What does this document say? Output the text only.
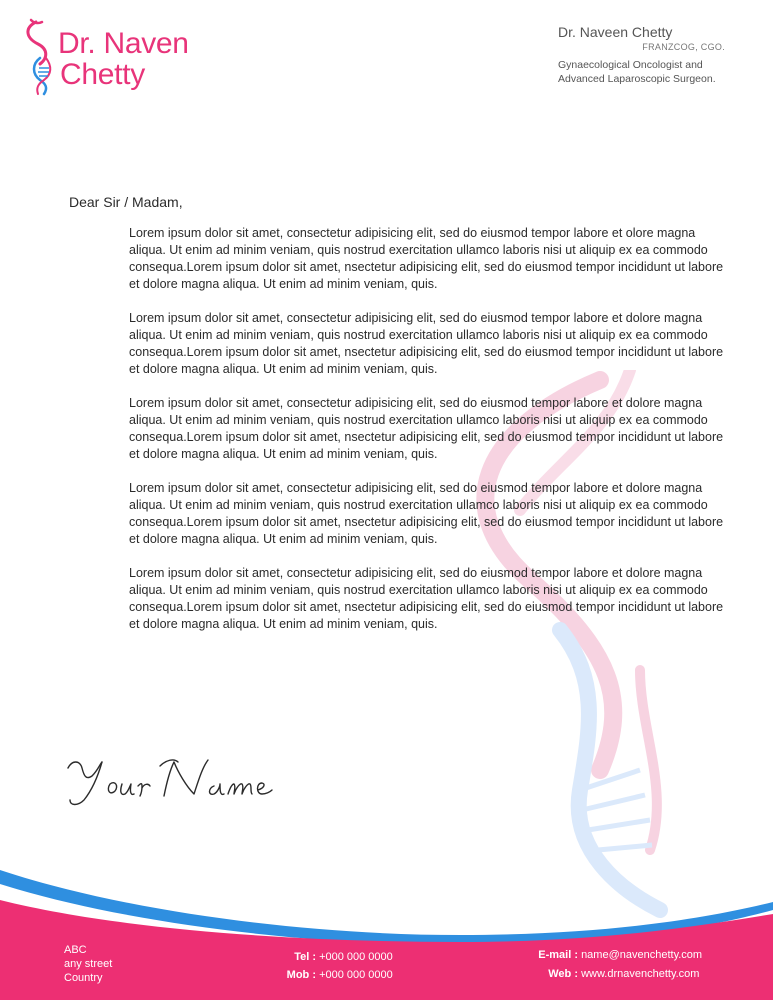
Dr. Naven
Chetty
Dr. Naveen Chetty
FRANZCOG, CGO.
Gynaecological Oncologist and
Advanced Laparoscopic Surgeon.
Dear Sir / Madam,

Lorem ipsum dolor sit amet, consectetur adipisicing elit, sed do eiusmod tempor labore et olore magna aliqua. Ut enim ad minim veniam, quis nostrud exercitation ullamco laboris nisi ut aliquip ex ea commodo consequa.Lorem ipsum dolor sit amet, nsectetur adipisicing elit, sed do eiusmod tempor incididunt ut labore et dolore magna aliqua. Ut enim ad minim veniam, quis.

Lorem ipsum dolor sit amet, consectetur adipisicing elit, sed do eiusmod tempor labore et dolore magna aliqua. Ut enim ad minim veniam, quis nostrud exercitation ullamco laboris nisi ut aliquip ex ea commodo consequa.Lorem ipsum dolor sit amet, nsectetur adipisicing elit, sed do eiusmod tempor incididunt ut labore et dolore magna aliqua. Ut enim ad minim veniam, quis.

Lorem ipsum dolor sit amet, consectetur adipisicing elit, sed do eiusmod tempor labore et dolore magna aliqua. Ut enim ad minim veniam, quis nostrud exercitation ullamco laboris nisi ut aliquip ex ea commodo consequa.Lorem ipsum dolor sit amet, nsectetur adipisicing elit, sed do eiusmod tempor incididunt ut labore et dolore magna aliqua. Ut enim ad minim veniam, quis.

Lorem ipsum dolor sit amet, consectetur adipisicing elit, sed do eiusmod tempor labore et dolore magna aliqua. Ut enim ad minim veniam, quis nostrud exercitation ullamco laboris nisi ut aliquip ex ea commodo consequa.Lorem ipsum dolor sit amet, nsectetur adipisicing elit, sed do eiusmod tempor incididunt ut labore et dolore magna aliqua. Ut enim ad minim veniam, quis.

Lorem ipsum dolor sit amet, consectetur adipisicing elit, sed do eiusmod tempor labore et dolore magna aliqua. Ut enim ad minim veniam, quis nostrud exercitation ullamco laboris nisi ut aliquip ex ea commodo consequa.Lorem ipsum dolor sit amet, nsectetur adipisicing elit, sed do eiusmod tempor incididunt ut labore et dolore magna aliqua. Ut enim ad minim veniam, quis.

ABC
any street
Country
Tel : +000 000 0000
Mob : +000 000 0000
E-mail : name@navenchetty.com
Web : www.drnavenchetty.com
